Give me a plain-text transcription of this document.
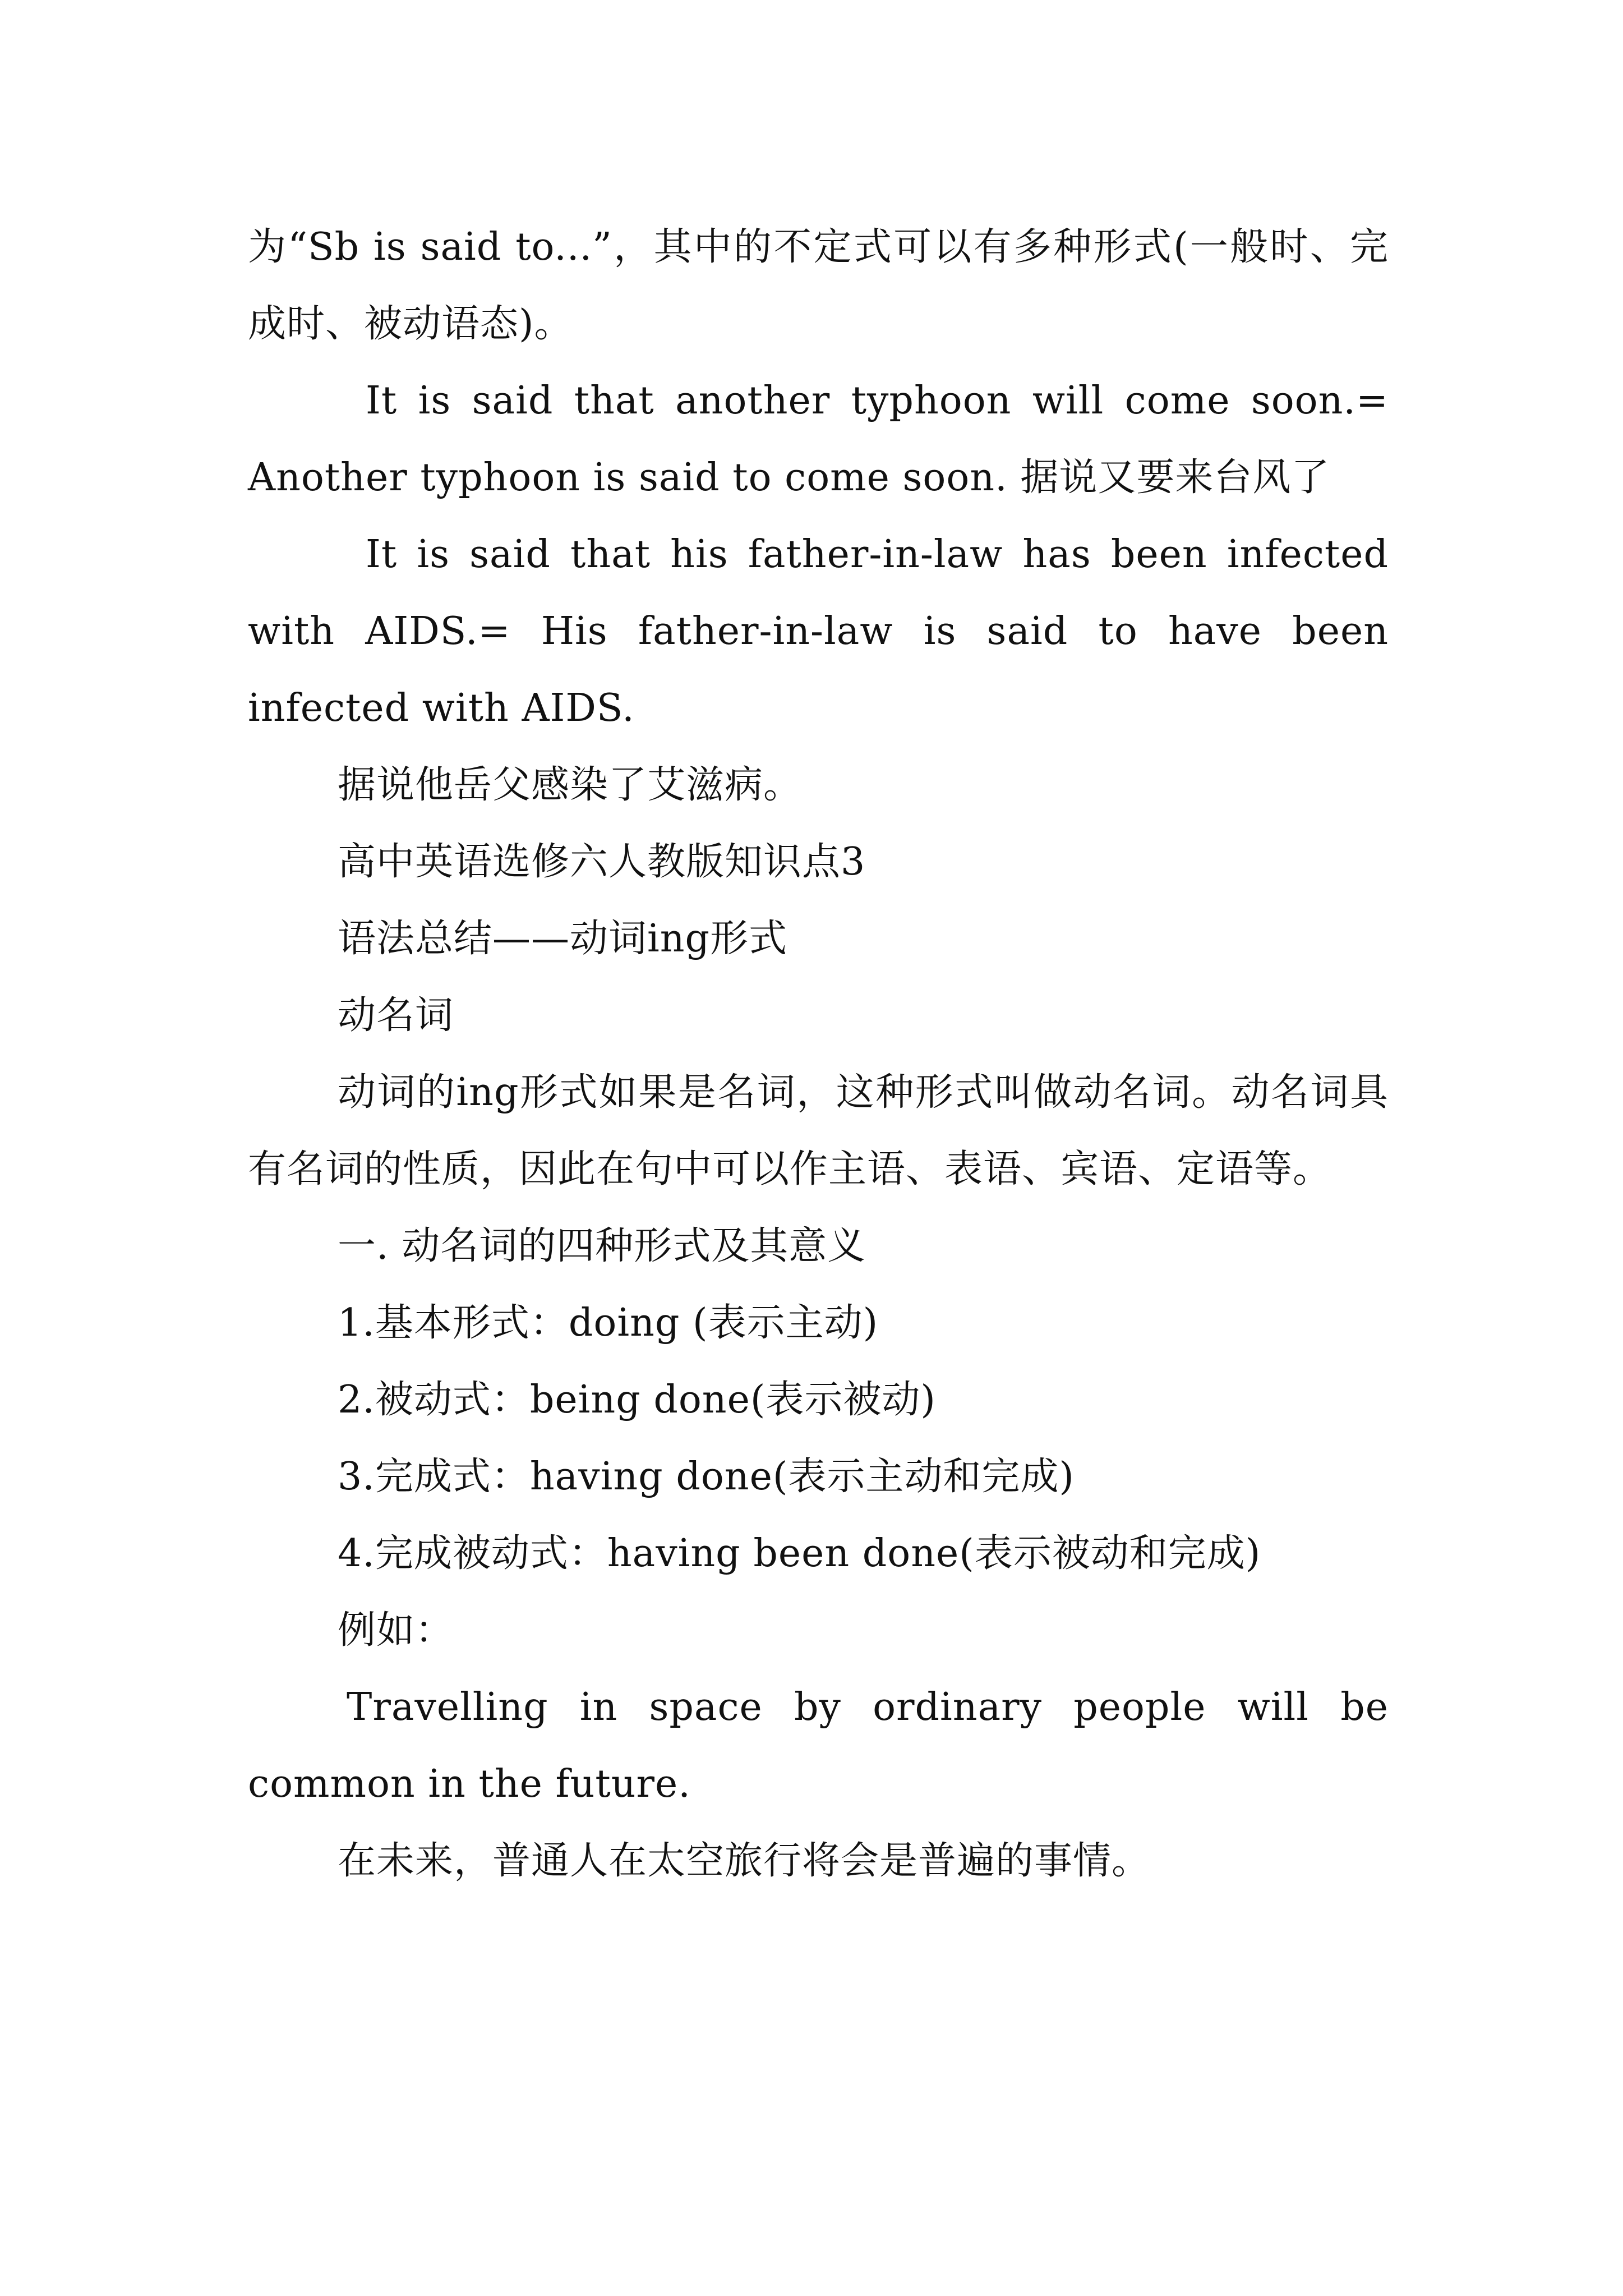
为“Sb is said to...”，其中的不定式可以有多种形式(一般时、完成时、被动语态)。

It is said that another typhoon will come soon.= Another typhoon is said to come soon. 据说又要来台风了

It is said that his father-in-law has been infected with AIDS.= His father-in-law is said to have been infected with AIDS.

据说他岳父感染了艾滋病。

高中英语选修六人教版知识点3

语法总结——动词ing形式

动名词

动词的ing形式如果是名词，这种形式叫做动名词。动名词具有名词的性质，因此在句中可以作主语、表语、宾语、定语等。

一. 动名词的四种形式及其意义

1.基本形式：doing (表示主动)

2.被动式：being done(表示被动)

3.完成式：having done(表示主动和完成)

4.完成被动式：having been done(表示被动和完成)

例如：

Travelling in space by ordinary people will be common in the future.

在未来，普通人在太空旅行将会是普遍的事情。
